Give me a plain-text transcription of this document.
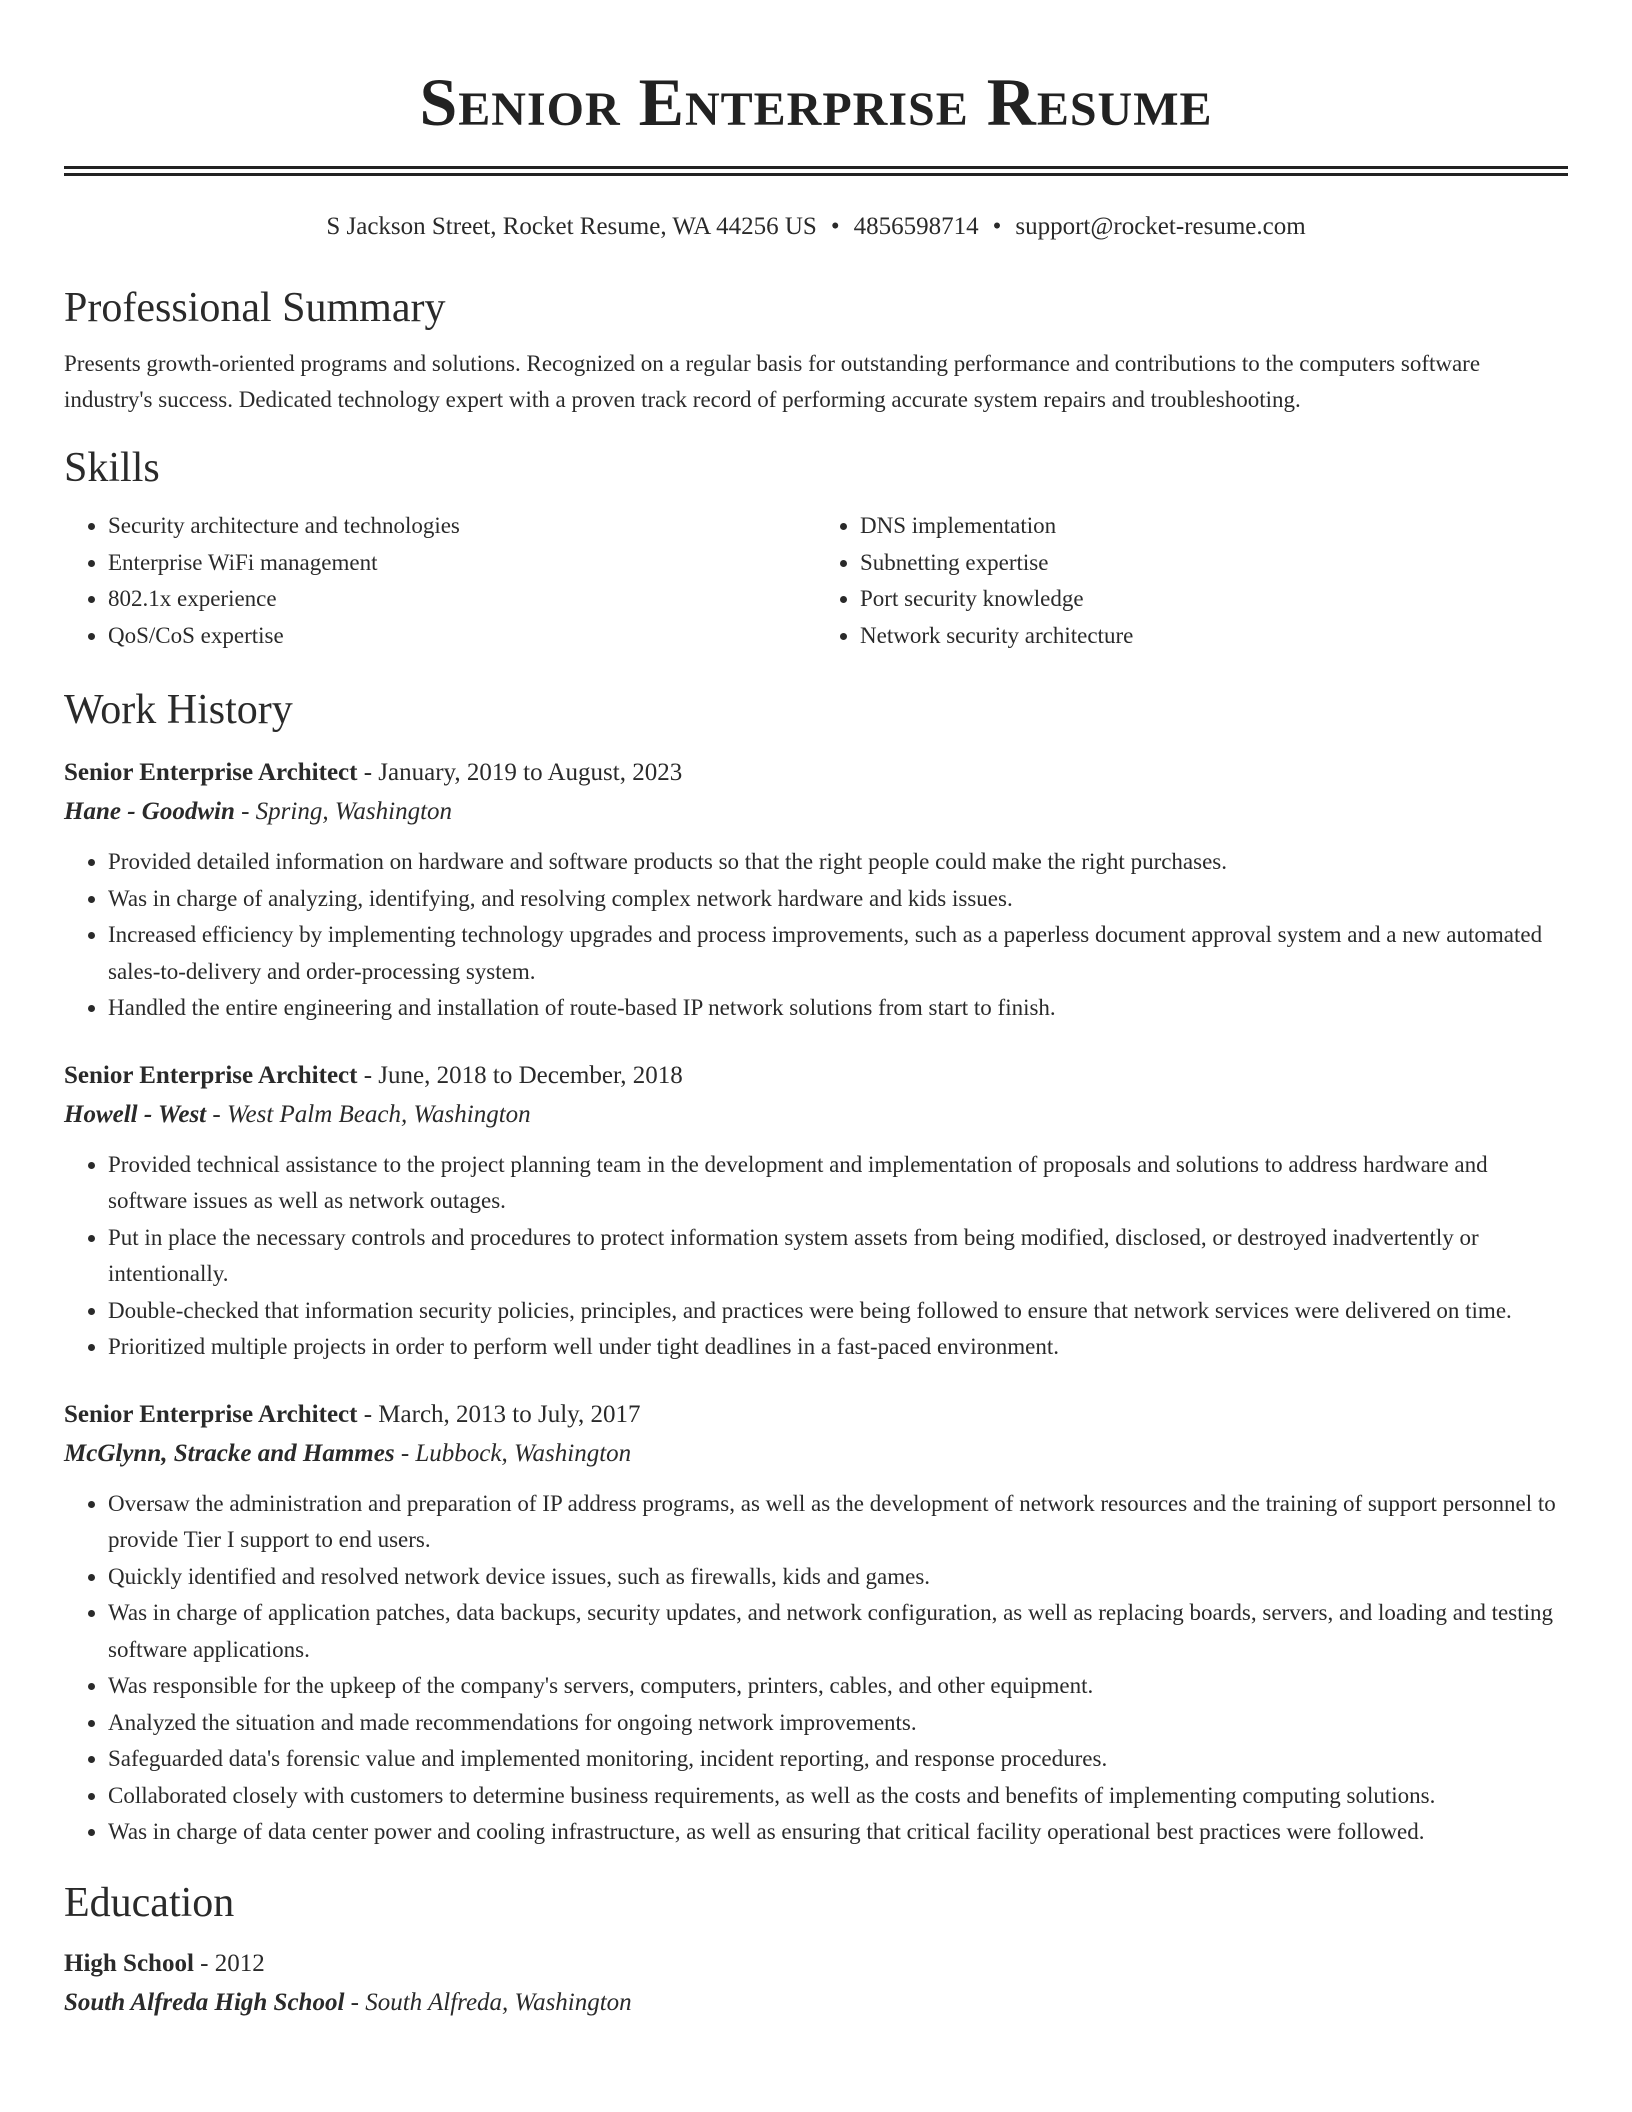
Senior Enterprise Resume
S Jackson Street, Rocket Resume, WA 44256 US • 4856598714 • support@rocket-resume.com
Professional Summary

Presents growth-oriented programs and solutions. Recognized on a regular basis for outstanding performance and contributions to the computers software industry's success. Dedicated technology expert with a proven track record of performing accurate system repairs and troubleshooting.

Skills
• Security architecture and technologies
• Enterprise WiFi management
• 802.1x experience
• QoS/CoS expertise
• DNS implementation
• Subnetting expertise
• Port security knowledge
• Network security architecture
Work History
Senior Enterprise Architect - January, 2019 to August, 2023
Hane - Goodwin - Spring, Washington
• Provided detailed information on hardware and software products so that the right people could make the right purchases.
• Was in charge of analyzing, identifying, and resolving complex network hardware and kids issues.
• Increased efficiency by implementing technology upgrades and process improvements, such as a paperless document approval system and a new automated sales-to-delivery and order-processing system.
• Handled the entire engineering and installation of route-based IP network solutions from start to finish.
Senior Enterprise Architect - June, 2018 to December, 2018
Howell - West - West Palm Beach, Washington
• Provided technical assistance to the project planning team in the development and implementation of proposals and solutions to address hardware and software issues as well as network outages.
• Put in place the necessary controls and procedures to protect information system assets from being modified, disclosed, or destroyed inadvertently or intentionally.
• Double-checked that information security policies, principles, and practices were being followed to ensure that network services were delivered on time.
• Prioritized multiple projects in order to perform well under tight deadlines in a fast-paced environment.
Senior Enterprise Architect - March, 2013 to July, 2017
McGlynn, Stracke and Hammes - Lubbock, Washington
• Oversaw the administration and preparation of IP address programs, as well as the development of network resources and the training of support personnel to provide Tier I support to end users.
• Quickly identified and resolved network device issues, such as firewalls, kids and games.
• Was in charge of application patches, data backups, security updates, and network configuration, as well as replacing boards, servers, and loading and testing software applications.
• Was responsible for the upkeep of the company's servers, computers, printers, cables, and other equipment.
• Analyzed the situation and made recommendations for ongoing network improvements.
• Safeguarded data's forensic value and implemented monitoring, incident reporting, and response procedures.
• Collaborated closely with customers to determine business requirements, as well as the costs and benefits of implementing computing solutions.
• Was in charge of data center power and cooling infrastructure, as well as ensuring that critical facility operational best practices were followed.
Education
High School - 2012
South Alfreda High School - South Alfreda, Washington
